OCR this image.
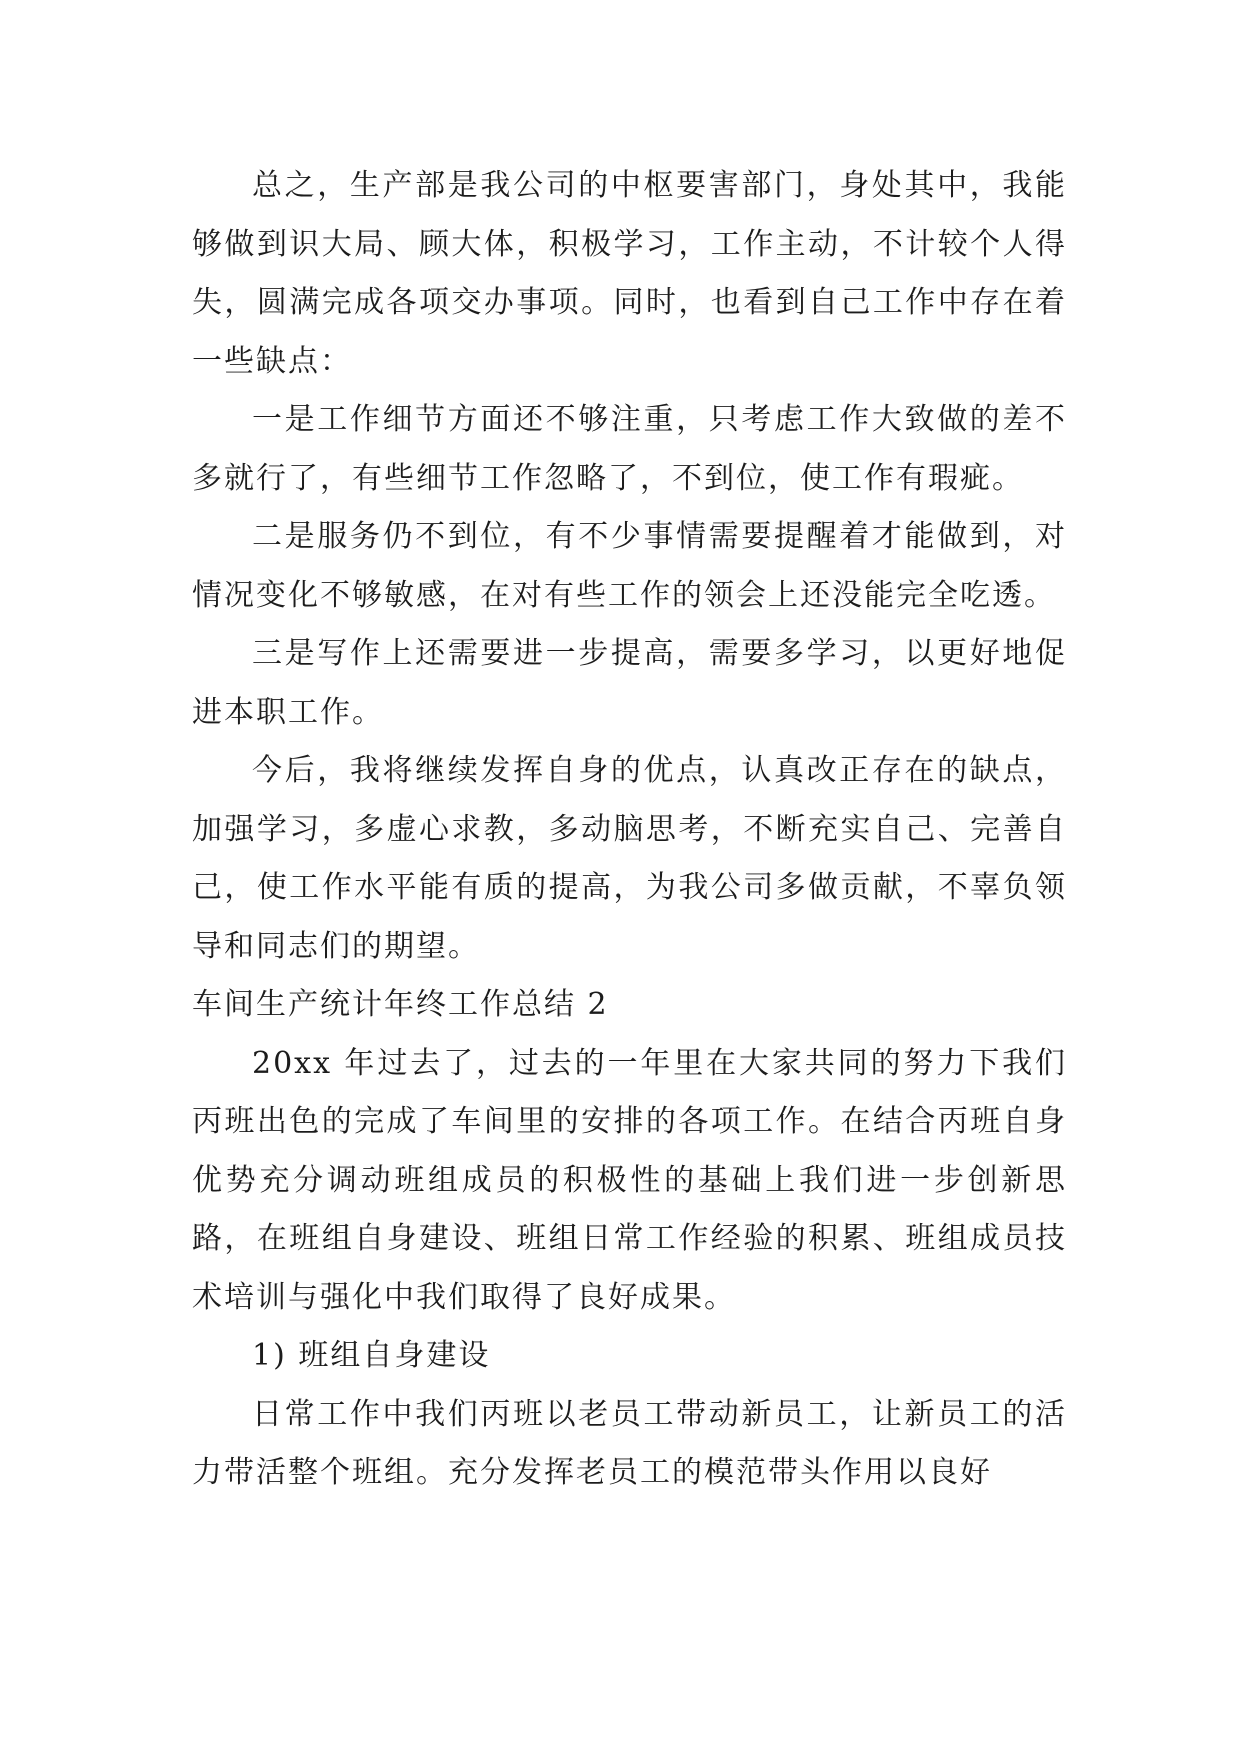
总之，生产部是我公司的中枢要害部门，身处其中，我能够做到识大局、顾大体，积极学习，工作主动，不计较个人得失，圆满完成各项交办事项。同时，也看到自己工作中存在着一些缺点：

一是工作细节方面还不够注重，只考虑工作大致做的差不多就行了，有些细节工作忽略了，不到位，使工作有瑕疵。

二是服务仍不到位，有不少事情需要提醒着才能做到，对情况变化不够敏感，在对有些工作的领会上还没能完全吃透。

三是写作上还需要进一步提高，需要多学习，以更好地促进本职工作。

今后，我将继续发挥自身的优点，认真改正存在的缺点，加强学习，多虚心求教，多动脑思考，不断充实自己、完善自己，使工作水平能有质的提高，为我公司多做贡献，不辜负领导和同志们的期望。

车间生产统计年终工作总结 2

20xx 年过去了，过去的一年里在大家共同的努力下我们丙班出色的完成了车间里的安排的各项工作。在结合丙班自身优势充分调动班组成员的积极性的基础上我们进一步创新思路，在班组自身建设、班组日常工作经验的积累、班组成员技术培训与强化中我们取得了良好成果。

1) 班组自身建设

日常工作中我们丙班以老员工带动新员工，让新员工的活力带活整个班组。充分发挥老员工的模范带头作用以良好
